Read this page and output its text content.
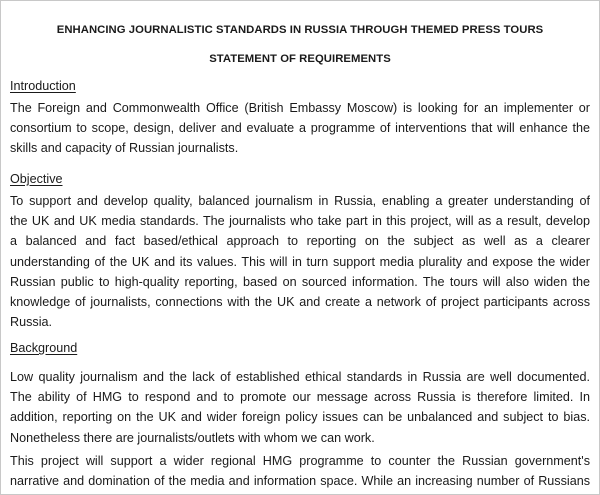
ENHANCING JOURNALISTIC STANDARDS IN RUSSIA THROUGH THEMED PRESS TOURS
STATEMENT OF REQUIREMENTS
Introduction
The Foreign and Commonwealth Office (British Embassy Moscow) is looking for an implementer or
consortium to scope, design, deliver and evaluate a programme of interventions that will enhance the
skills and capacity of Russian journalists.
Objective
To support and develop quality, balanced journalism in Russia, enabling a greater understanding of
the UK and UK media standards. The journalists who take part in this project, will as a result, develop
a balanced and fact based/ethical approach to reporting on the subject as well as a clearer
understanding of the UK and its values. This will in turn support media plurality and expose the wider
Russian public to high-quality reporting, based on sourced information. The tours will also widen the
knowledge of journalists, connections with the UK and create a network of project participants across
Russia.
Background
Low quality journalism and the lack of established ethical standards in Russia are well documented.
The ability of HMG to respond and to promote our message across Russia is therefore limited. In
addition, reporting on the UK and wider foreign policy issues can be unbalanced and subject to bias.
Nonetheless there are journalists/outlets with whom we can work.
This project will support a wider regional HMG programme to counter the Russian government's
narrative and domination of the media and information space. While an increasing number of Russians
